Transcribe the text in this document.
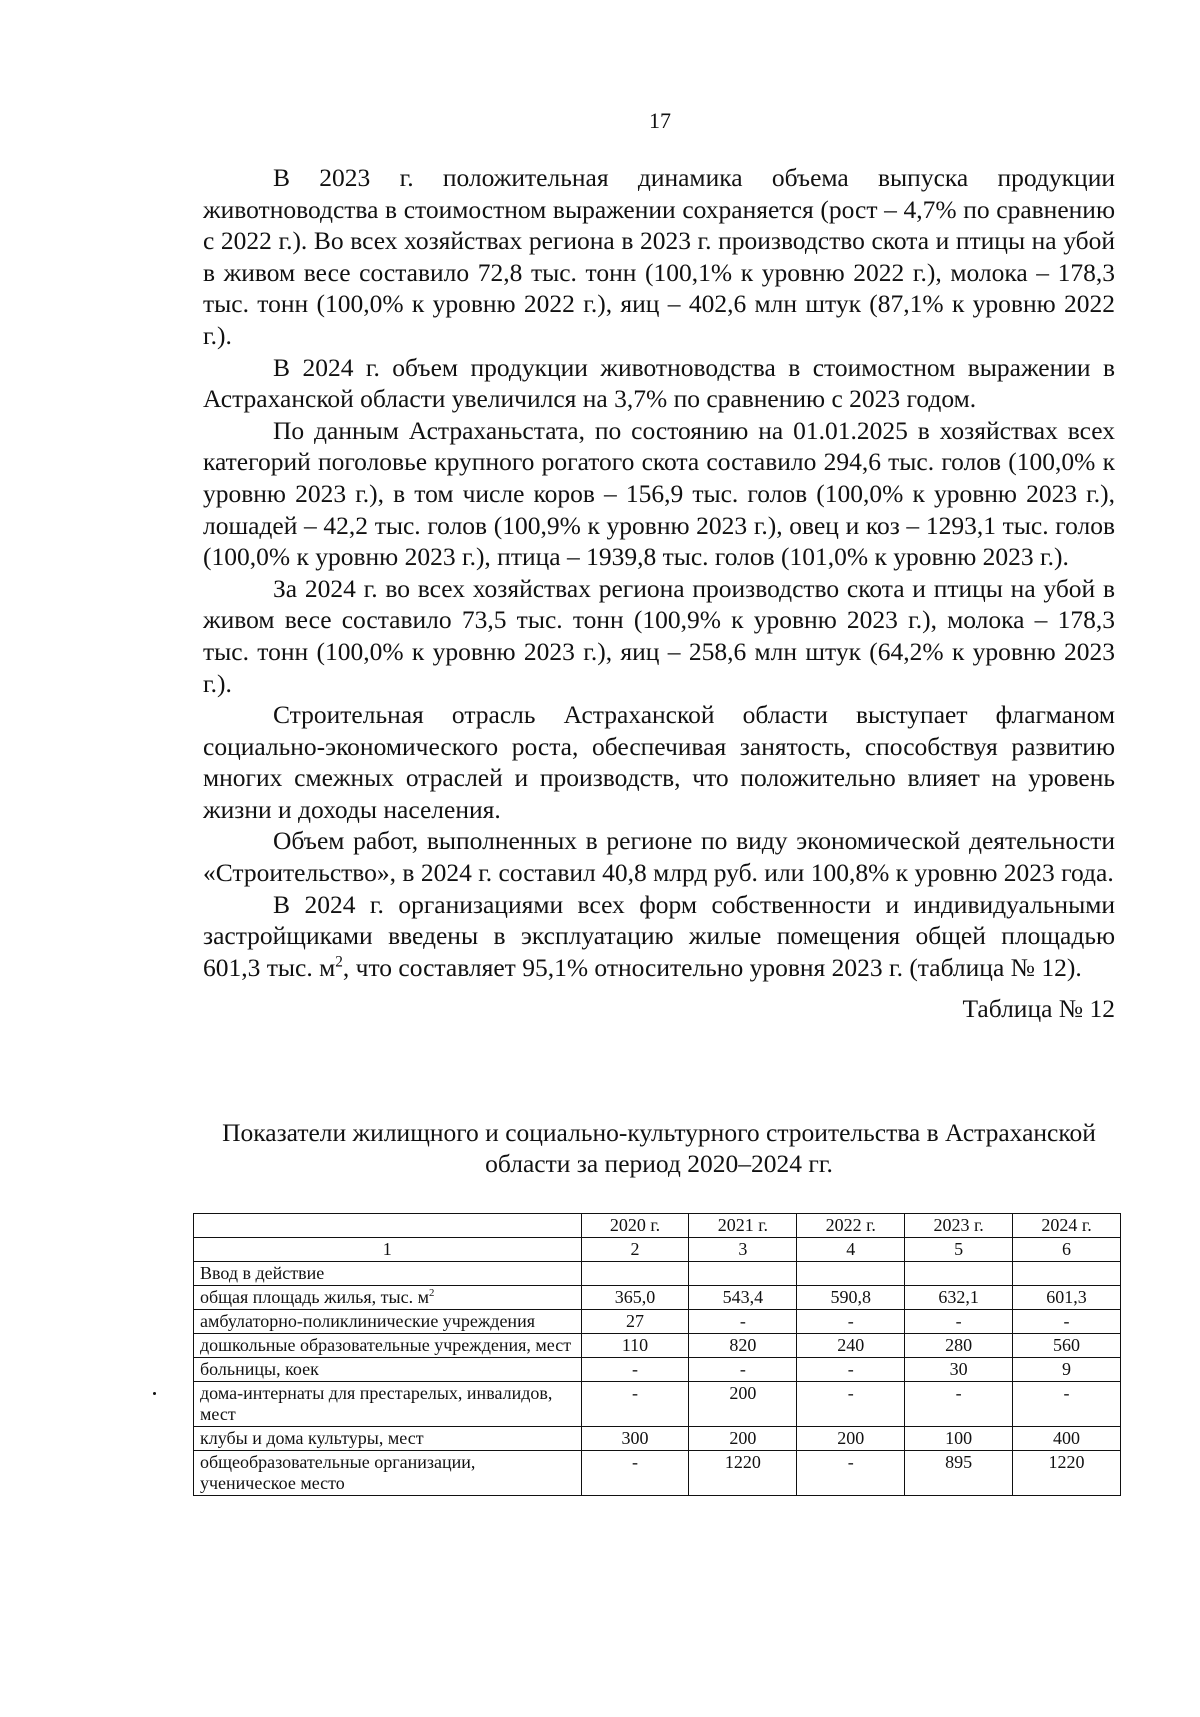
17

В 2023 г. положительная динамика объема выпуска продукции животноводства в стоимостном выражении сохраняется (рост – 4,7% по сравнению с 2022 г.). Во всех хозяйствах региона в 2023 г. производство скота и птицы на убой в живом весе составило 72,8 тыс. тонн (100,1% к уровню 2022 г.), молока – 178,3 тыс. тонн (100,0% к уровню 2022 г.), яиц – 402,6 млн штук (87,1% к уровню 2022 г.).

В 2024 г. объем продукции животноводства в стоимостном выражении в Астраханской области увеличился на 3,7% по сравнению с 2023 годом.

По данным Астраханьстата, по состоянию на 01.01.2025 в хозяйствах всех категорий поголовье крупного рогатого скота составило 294,6 тыс. голов (100,0% к уровню 2023 г.), в том числе коров – 156,9 тыс. голов (100,0% к уровню 2023 г.), лошадей – 42,2 тыс. голов (100,9% к уровню 2023 г.), овец и коз – 1293,1 тыс. голов (100,0% к уровню 2023 г.), птица – 1939,8 тыс. голов (101,0% к уровню 2023 г.).

За 2024 г. во всех хозяйствах региона производство скота и птицы на убой в живом весе составило 73,5 тыс. тонн (100,9% к уровню 2023 г.), молока – 178,3 тыс. тонн (100,0% к уровню 2023 г.), яиц – 258,6 млн штук (64,2% к уровню 2023 г.).

Строительная отрасль Астраханской области выступает флагманом социально-экономического роста, обеспечивая занятость, способствуя развитию многих смежных отраслей и производств, что положительно влияет на уровень жизни и доходы населения.

Объем работ, выполненных в регионе по виду экономической деятельности «Строительство», в 2024 г. составил 40,8 млрд руб. или 100,8% к уровню 2023 года.

В 2024 г. организациями всех форм собственности и индивидуальными застройщиками введены в эксплуатацию жилые помещения общей площадью 601,3 тыс. $м^2$, что составляет 95,1% относительно уровня 2023 г. (таблица № 12).

Таблица № 12

Показатели жилищного и социально-культурного строительства в Астраханской области за период 2020–2024 гг.
	2020 г.	2021 г.	2022 г.	2023 г.	2024 г.
1	2	3	4	5	6
Ввод в действие					
общая площадь жилья, тыс. $м^2$	365,0	543,4	590,8	632,1	601,3
амбулаторно-поликлинические учреждения	27	-	-	-	-
дошкольные образовательные учреждения, мест	110	820	240	280	560
больницы, коек	-	-	-	30	9
дома-интернаты для престарелых, инвалидов, мест	-	200	-	-	-
клубы и дома культуры, мест	300	200	200	100	400
общеобразовательные организации, ученическое место	-	1220	-	895	1220
